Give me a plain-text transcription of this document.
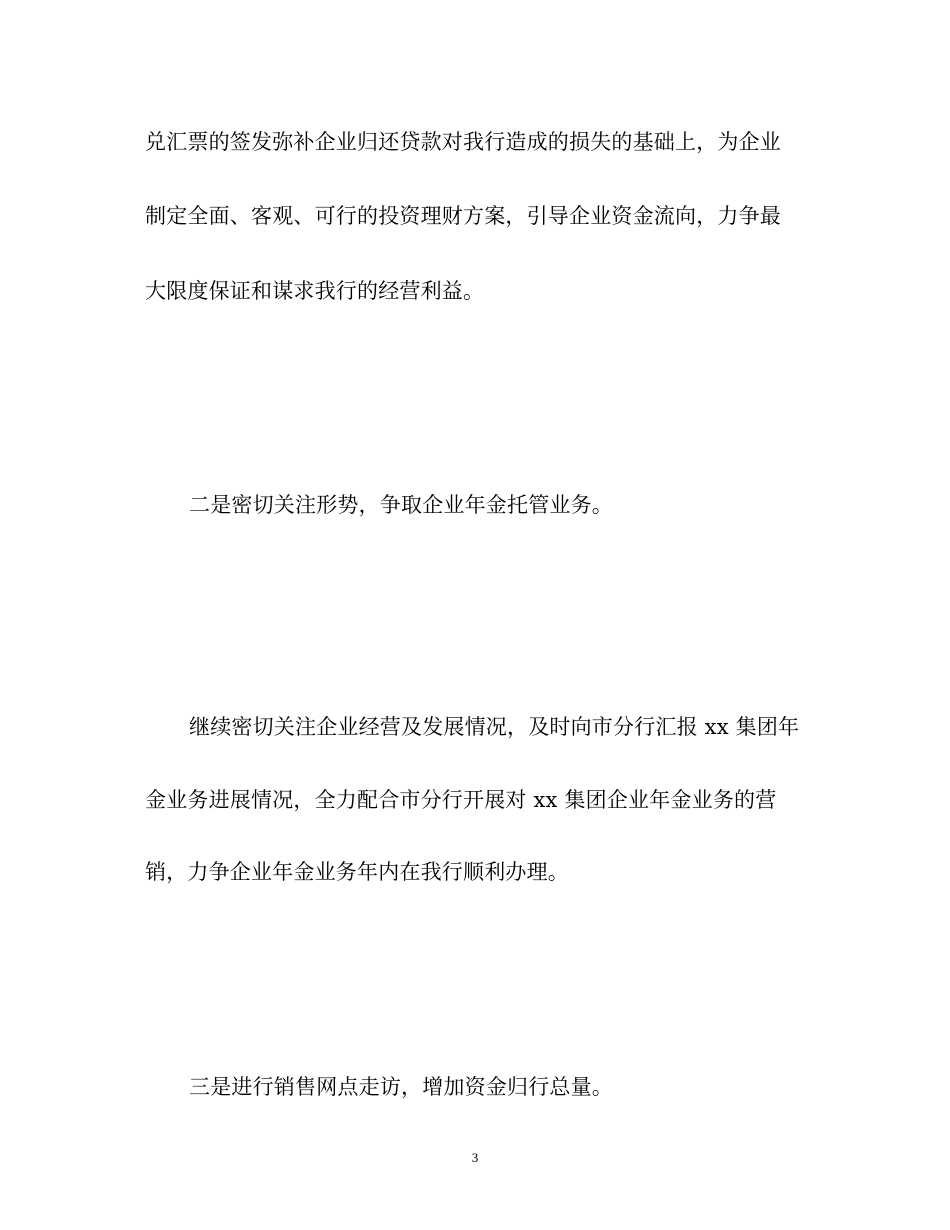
兑汇票的签发弥补企业归还贷款对我行造成的损失的基础上，为企业
制定全面、客观、可行的投资理财方案，引导企业资金流向，力争最
大限度保证和谋求我行的经营利益。
二是密切关注形势，争取企业年金托管业务。
继续密切关注企业经营及发展情况，及时向市分行汇报 xx 集团年
金业务进展情况，全力配合市分行开展对 xx 集团企业年金业务的营
销，力争企业年金业务年内在我行顺利办理。
三是进行销售网点走访，增加资金归行总量。
3
